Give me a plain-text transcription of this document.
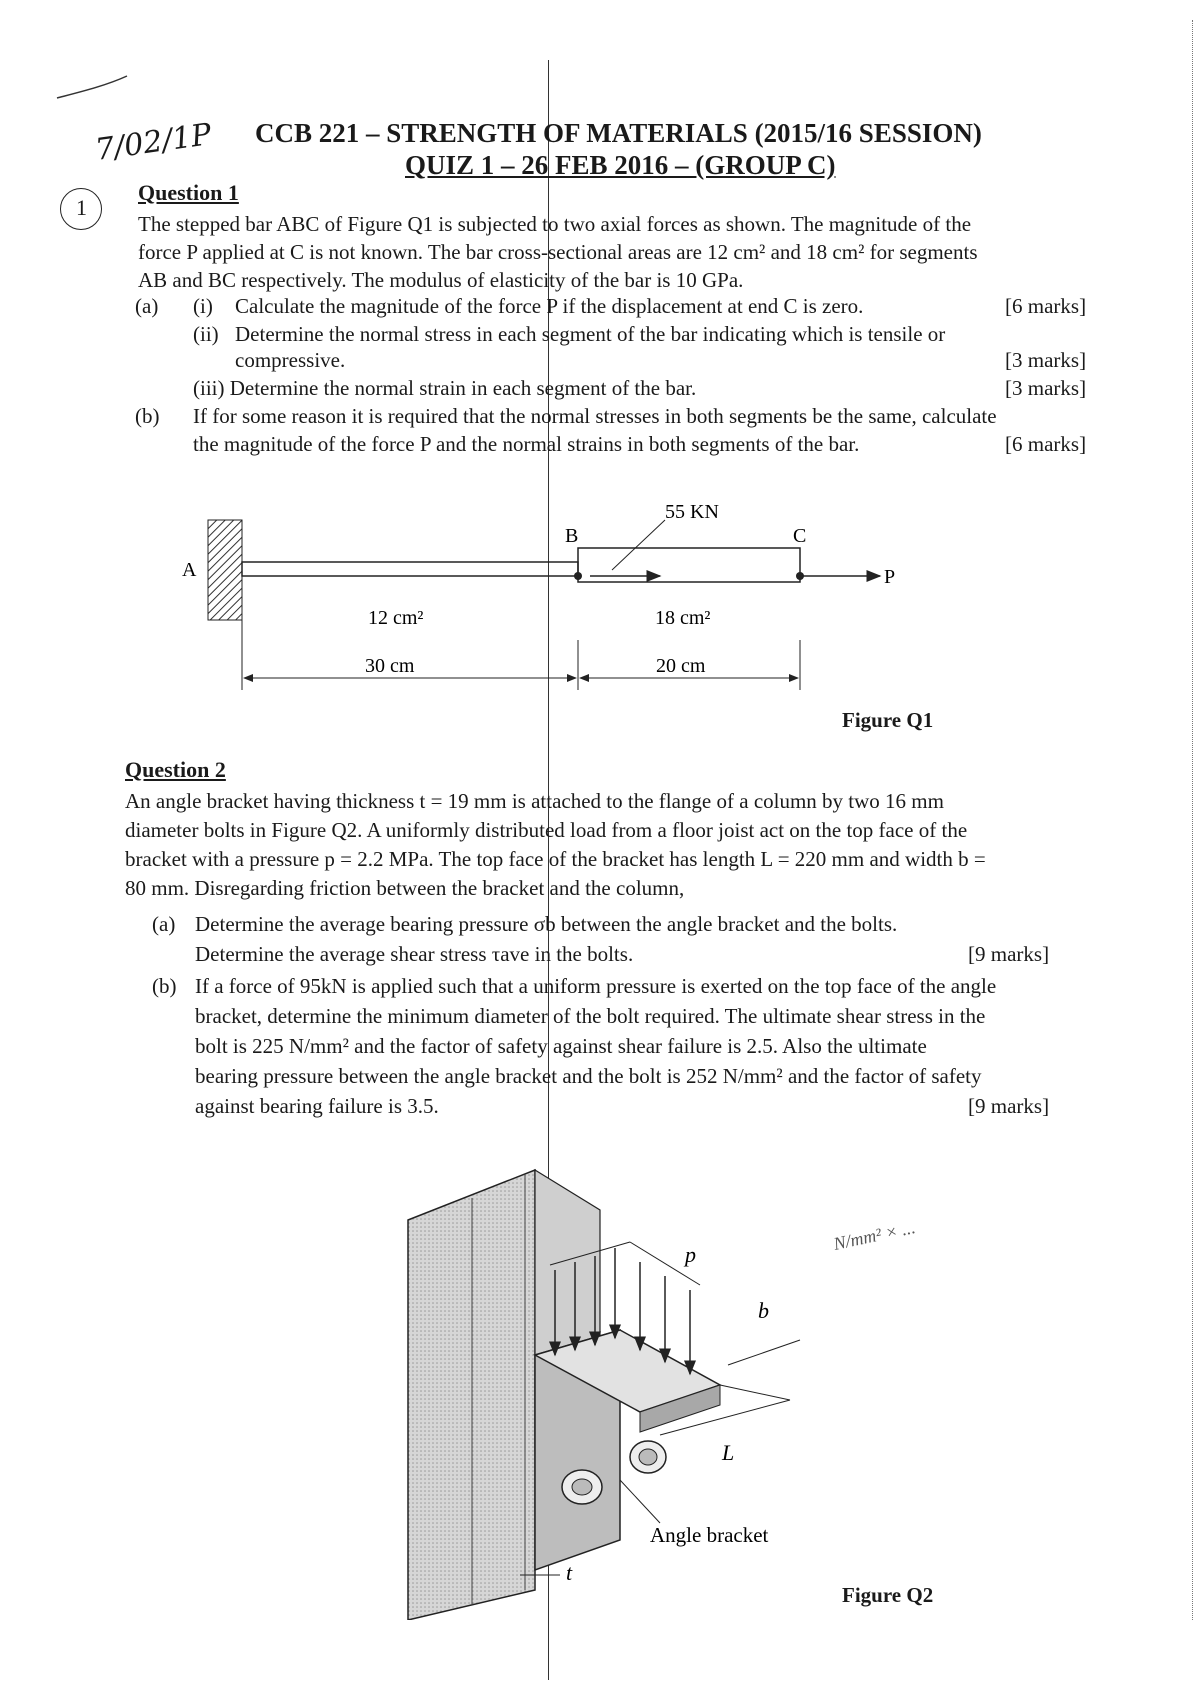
7/02/1P CCB 221 – STRENGTH OF MATERIALS (2015/16 SESSION)
QUIZ 1 – 26 FEB 2016 – (GROUP C)
1
Question 1
The stepped bar ABC of Figure Q1 is subjected to two axial forces as shown. The magnitude of the
force P applied at C is not known. The bar cross-sectional areas are 12 cm² and 18 cm² for segments
AB and BC respectively. The modulus of elasticity of the bar is 10 GPa.
(a) (i) Calculate the magnitude of the force P if the displacement at end C is zero.	[6 marks]
(ii) Determine the normal stress in each segment of the bar indicating which is tensile or
compressive.	[3 marks]
(iii) Determine the normal strain in each segment of the bar.	[3 marks]
(b) If for some reason it is required that the normal stresses in both segments be the same, calculate
the magnitude of the force P and the normal strains in both segments of the bar.	[6 marks]
55 KN
A
B	C
P
12 cm²	18 cm²
30 cm	20 cm
Figure Q1
Question 2
An angle bracket having thickness t = 19 mm is attached to the flange of a column by two 16 mm
diameter bolts in Figure Q2. A uniformly distributed load from a floor joist act on the top face of the
bracket with a pressure p = 2.2 MPa. The top face of the bracket has length L = 220 mm and width b =
80 mm. Disregarding friction between the bracket and the column,
(a) Determine the average bearing pressure σb between the angle bracket and the bolts.
Determine the average shear stress τave in the bolts.	[9 marks]
(b) If a force of 95kN is applied such that a uniform pressure is exerted on the top face of the angle
bracket, determine the minimum diameter of the bolt required. The ultimate shear stress in the
bolt is 225 N/mm² and the factor of safety against shear failure is 2.5. Also the ultimate
bearing pressure between the angle bracket and the bolt is 252 N/mm² and the factor of safety
against bearing failure is 3.5.	[9 marks]
p
b
L
t
Angle bracket
N/mm² × ...
Figure Q2
